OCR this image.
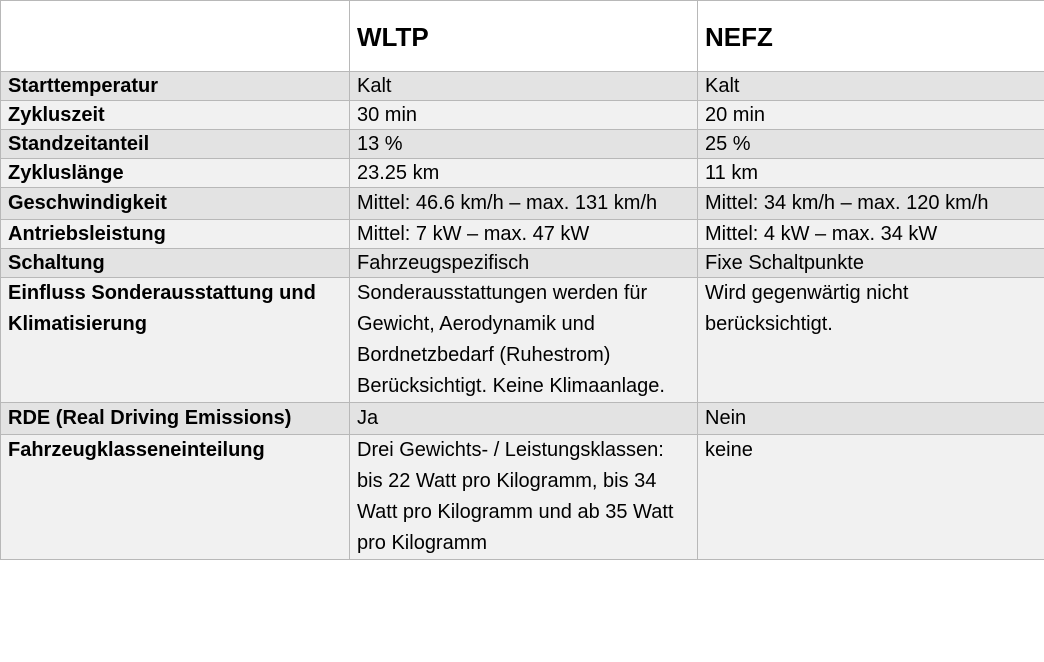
	WLTP	NEFZ
Starttemperatur	Kalt	Kalt
Zykluszeit	30 min	20 min
Standzeitanteil	13 %	25 %
Zykluslänge	23.25 km	11 km
Geschwindigkeit	Mittel: 46.6 km/h – max. 131 km/h	Mittel: 34 km/h – max. 120 km/h
Antriebsleistung	Mittel: 7 kW – max. 47 kW	Mittel: 4 kW – max. 34 kW
Schaltung	Fahrzeugspezifisch	Fixe Schaltpunkte
Einfluss Sonderausstattung und Klimatisierung	Sonderausstattungen werden für Gewicht, Aerodynamik und Bordnetzbedarf (Ruhestrom) Berücksichtigt. Keine Klimaanlage.	Wird gegenwärtig nicht berücksichtigt.
RDE (Real Driving Emissions)	Ja	Nein
Fahrzeugklasseneinteilung	Drei Gewichts- / Leistungsklassen: bis 22 Watt pro Kilogramm, bis 34 Watt pro Kilogramm und ab 35 Watt pro Kilogramm	keine
